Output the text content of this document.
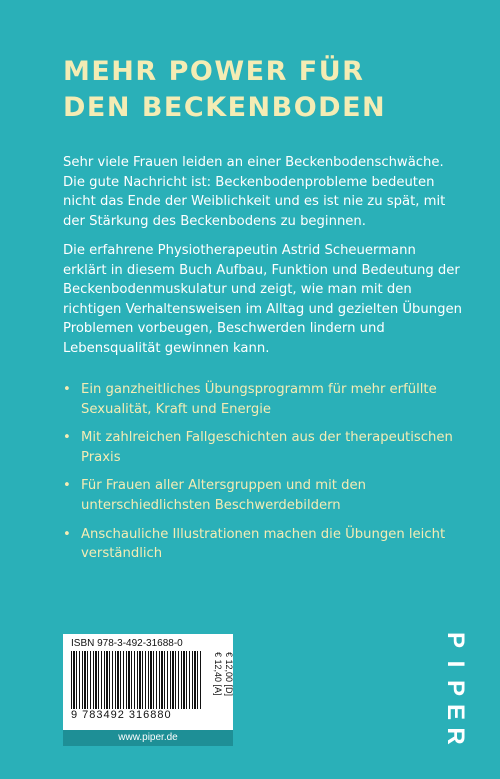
MEHR POWER FÜR
DEN BECKENBODEN

Sehr viele Frauen leiden an einer Beckenbodenschwäche. Die gute Nachricht ist: Beckenbodenprobleme bedeuten nicht das Ende der Weiblichkeit und es ist nie zu spät, mit der Stärkung des Beckenbodens zu beginnen.

Die erfahrene Physiotherapeutin Astrid Scheuermann erklärt in diesem Buch Aufbau, Funktion und Bedeutung der Beckenbodenmuskulatur und zeigt, wie man mit den richtigen Verhaltensweisen im Alltag und gezielten Übungen Problemen vorbeugen, Beschwerden lindern und Lebensqualität gewinnen kann.

• Ein ganzheitliches Übungsprogramm für mehr erfüllte Sexualität, Kraft und Energie
• Mit zahlreichen Fallgeschichten aus der therapeutischen Praxis
• Für Frauen aller Altersgruppen und mit den unterschiedlichsten Beschwerdebildern
• Anschauliche Illustrationen machen die Übungen leicht verständlich
ISBN 978-3-492-31688-0
9 783492 316880
€ 12,00 [D]
€ 12,40 [A]
www.piper.de
P
I
P
E
R
